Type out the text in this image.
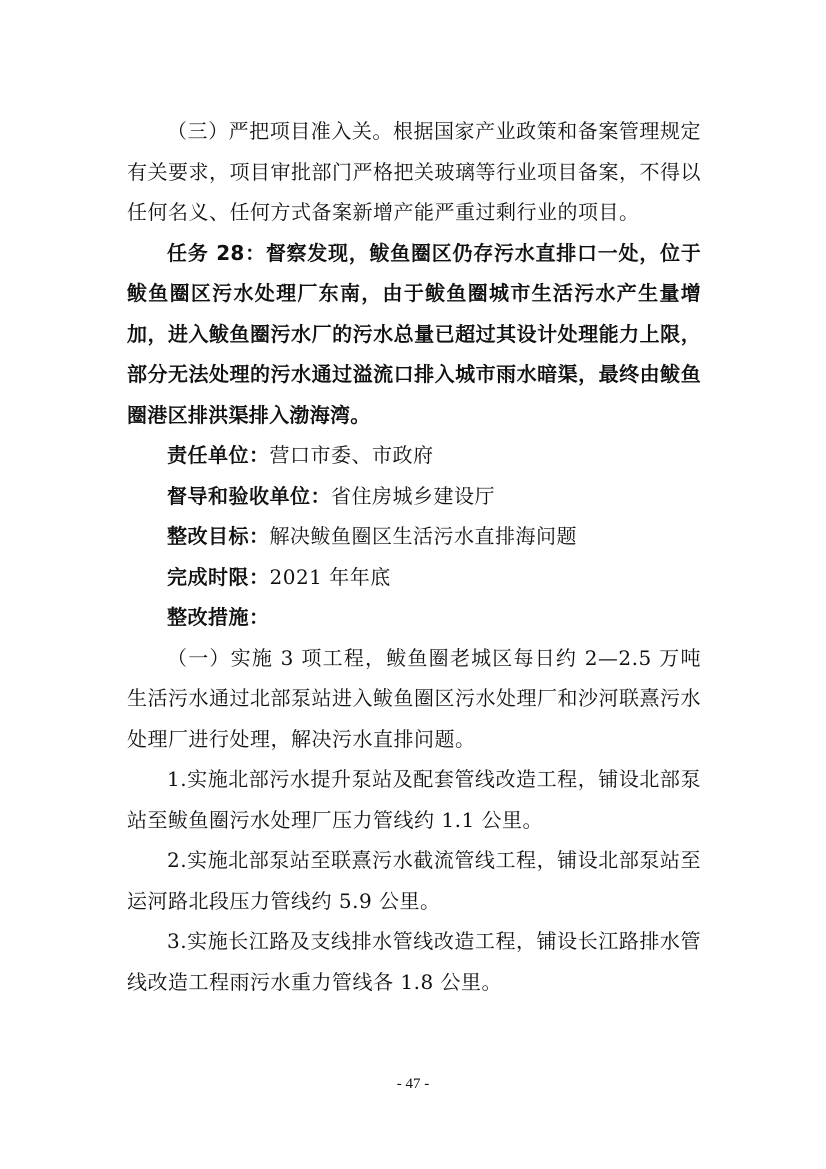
（三）严把项目准入关。根据国家产业政策和备案管理规定有关要求，项目审批部门严格把关玻璃等行业项目备案，不得以任何名义、任何方式备案新增产能严重过剩行业的项目。

任务 28：督察发现，鲅鱼圈区仍存污水直排口一处，位于鲅鱼圈区污水处理厂东南，由于鲅鱼圈城市生活污水产生量增加，进入鲅鱼圈污水厂的污水总量已超过其设计处理能力上限，部分无法处理的污水通过溢流口排入城市雨水暗渠，最终由鲅鱼圈港区排洪渠排入渤海湾。

责任单位：营口市委、市政府

督导和验收单位：省住房城乡建设厅

整改目标：解决鲅鱼圈区生活污水直排海问题

完成时限：2021 年年底

整改措施：

（一）实施 3 项工程，鲅鱼圈老城区每日约 2—2.5 万吨生活污水通过北部泵站进入鲅鱼圈区污水处理厂和沙河联熹污水处理厂进行处理，解决污水直排问题。

1.实施北部污水提升泵站及配套管线改造工程，铺设北部泵站至鲅鱼圈污水处理厂压力管线约 1.1 公里。

2.实施北部泵站至联熹污水截流管线工程，铺设北部泵站至运河路北段压力管线约 5.9 公里。

3.实施长江路及支线排水管线改造工程，铺设长江路排水管线改造工程雨污水重力管线各 1.8 公里。

- 47 -
